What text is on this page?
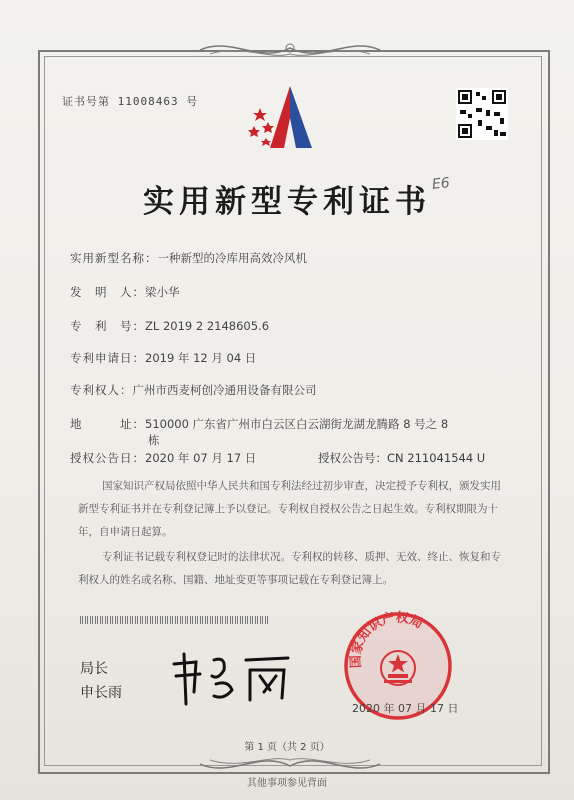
证书号第 11008463 号
E6
实用新型专利证书
实用新型名称：一种新型的冷库用高效冷风机
发　明　人：梁小华
专　利　号：ZL 2019 2 2148605.6
专利申请日：2019 年 12 月 04 日
专利权人：广州市西麦柯创冷通用设备有限公司
地　　　址：510000 广东省广州市白云区白云湖街龙湖龙腾路 8 号之 8
栋
授权公告日：2020 年 07 月 17 日	授权公告号：CN 211041544 U
国家知识产权局依照中华人民共和国专利法经过初步审查，决定授予专利权，颁发实用
新型专利证书并在专利登记簿上予以登记。专利权自授权公告之日起生效。专利权期限为十
年，自申请日起算。
专利证书记载专利权登记时的法律状况。专利权的转移、质押、无效、终止、恢复和专
利权人的姓名或名称、国籍、地址变更等事项记载在专利登记簿上。
局长
申长雨
国家知识产权局
2020 年 07 月 17 日
第 1 页（共 2 页）
其他事项参见背面
